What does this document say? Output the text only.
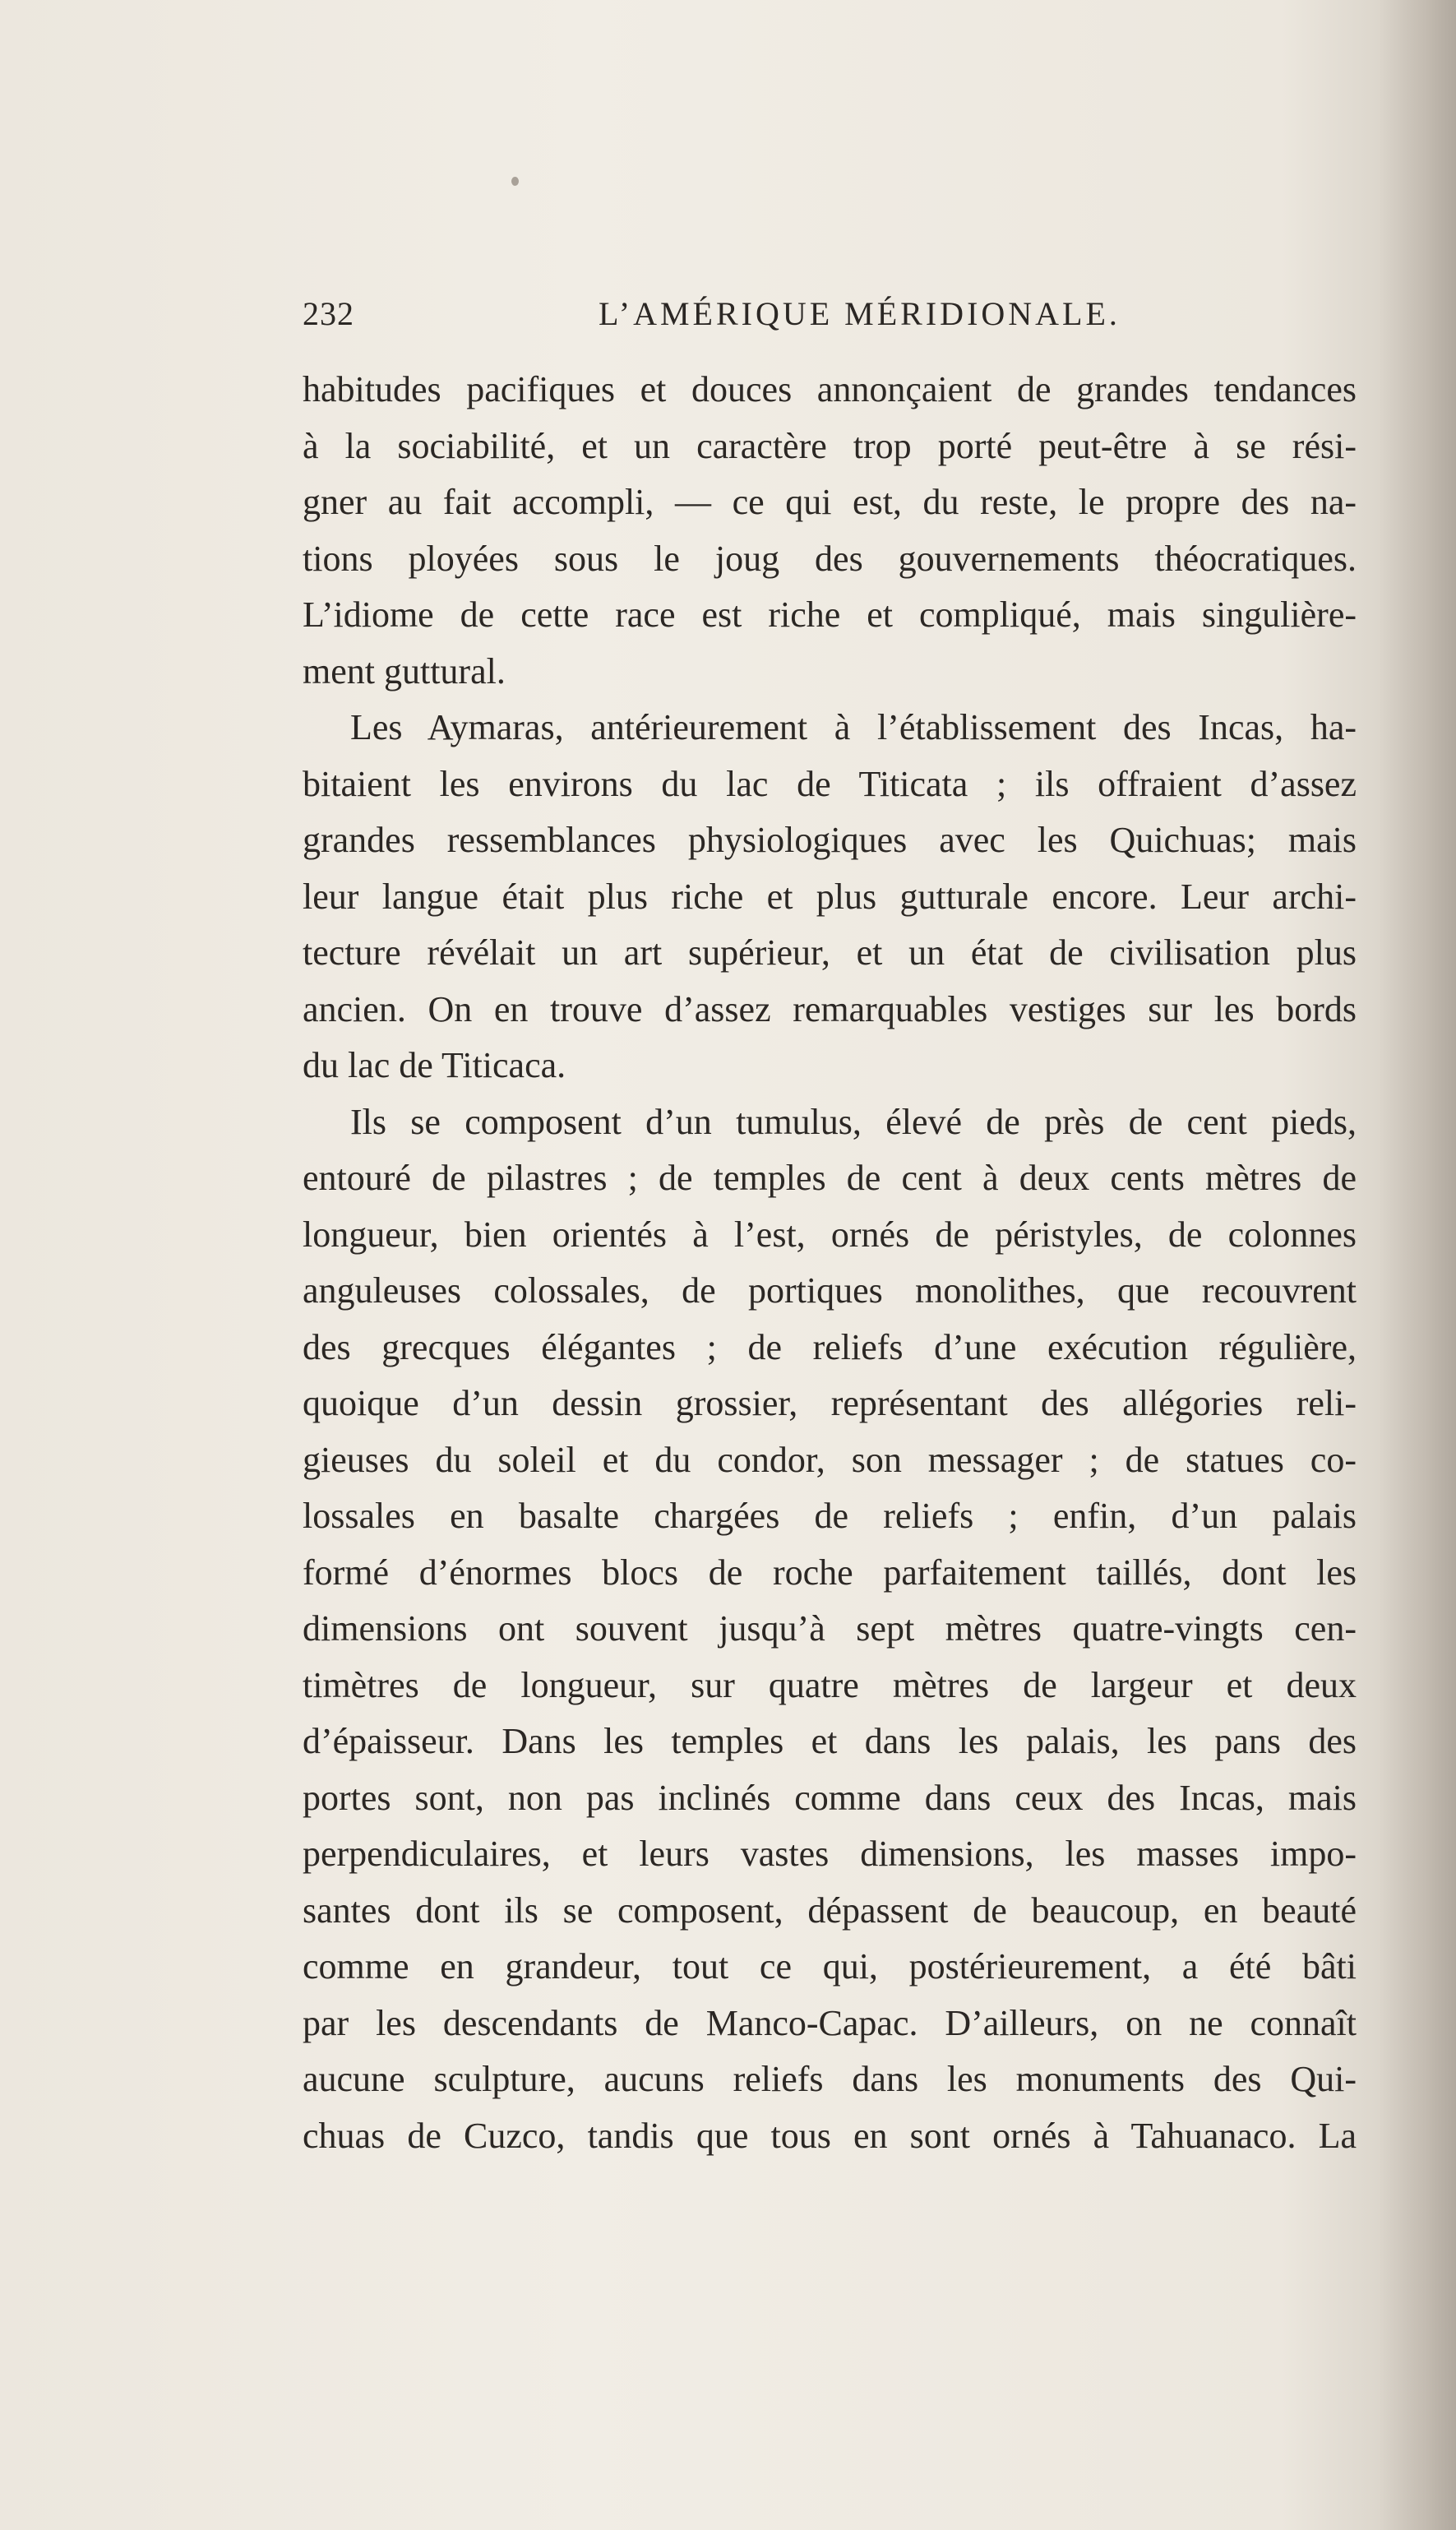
232	L’AMÉRIQUE MÉRIDIONALE.
habitudes pacifiques et douces annonçaient de grandes tendances
à la sociabilité, et un caractère trop porté peut-être à se rési-
gner au fait accompli, — ce qui est, du reste, le propre des na-
tions ployées sous le joug des gouvernements théocratiques.
L’idiome de cette race est riche et compliqué, mais singulière-
ment guttural.
Les Aymaras, antérieurement à l’établissement des Incas, ha-
bitaient les environs du lac de Titicata ; ils offraient d’assez
grandes ressemblances physiologiques avec les Quichuas; mais
leur langue était plus riche et plus gutturale encore. Leur archi-
tecture révélait un art supérieur, et un état de civilisation plus
ancien. On en trouve d’assez remarquables vestiges sur les bords
du lac de Titicaca.
Ils se composent d’un tumulus, élevé de près de cent pieds,
entouré de pilastres ; de temples de cent à deux cents mètres de
longueur, bien orientés à l’est, ornés de péristyles, de colonnes
anguleuses colossales, de portiques monolithes, que recouvrent
des grecques élégantes ; de reliefs d’une exécution régulière,
quoique d’un dessin grossier, représentant des allégories reli-
gieuses du soleil et du condor, son messager ; de statues co-
lossales en basalte chargées de reliefs ; enfin, d’un palais
formé d’énormes blocs de roche parfaitement taillés, dont les
dimensions ont souvent jusqu’à sept mètres quatre-vingts cen-
timètres de longueur, sur quatre mètres de largeur et deux
d’épaisseur. Dans les temples et dans les palais, les pans des
portes sont, non pas inclinés comme dans ceux des Incas, mais
perpendiculaires, et leurs vastes dimensions, les masses impo-
santes dont ils se composent, dépassent de beaucoup, en beauté
comme en grandeur, tout ce qui, postérieurement, a été bâti
par les descendants de Manco-Capac. D’ailleurs, on ne connaît
aucune sculpture, aucuns reliefs dans les monuments des Qui-
chuas de Cuzco, tandis que tous en sont ornés à Tahuanaco. La
